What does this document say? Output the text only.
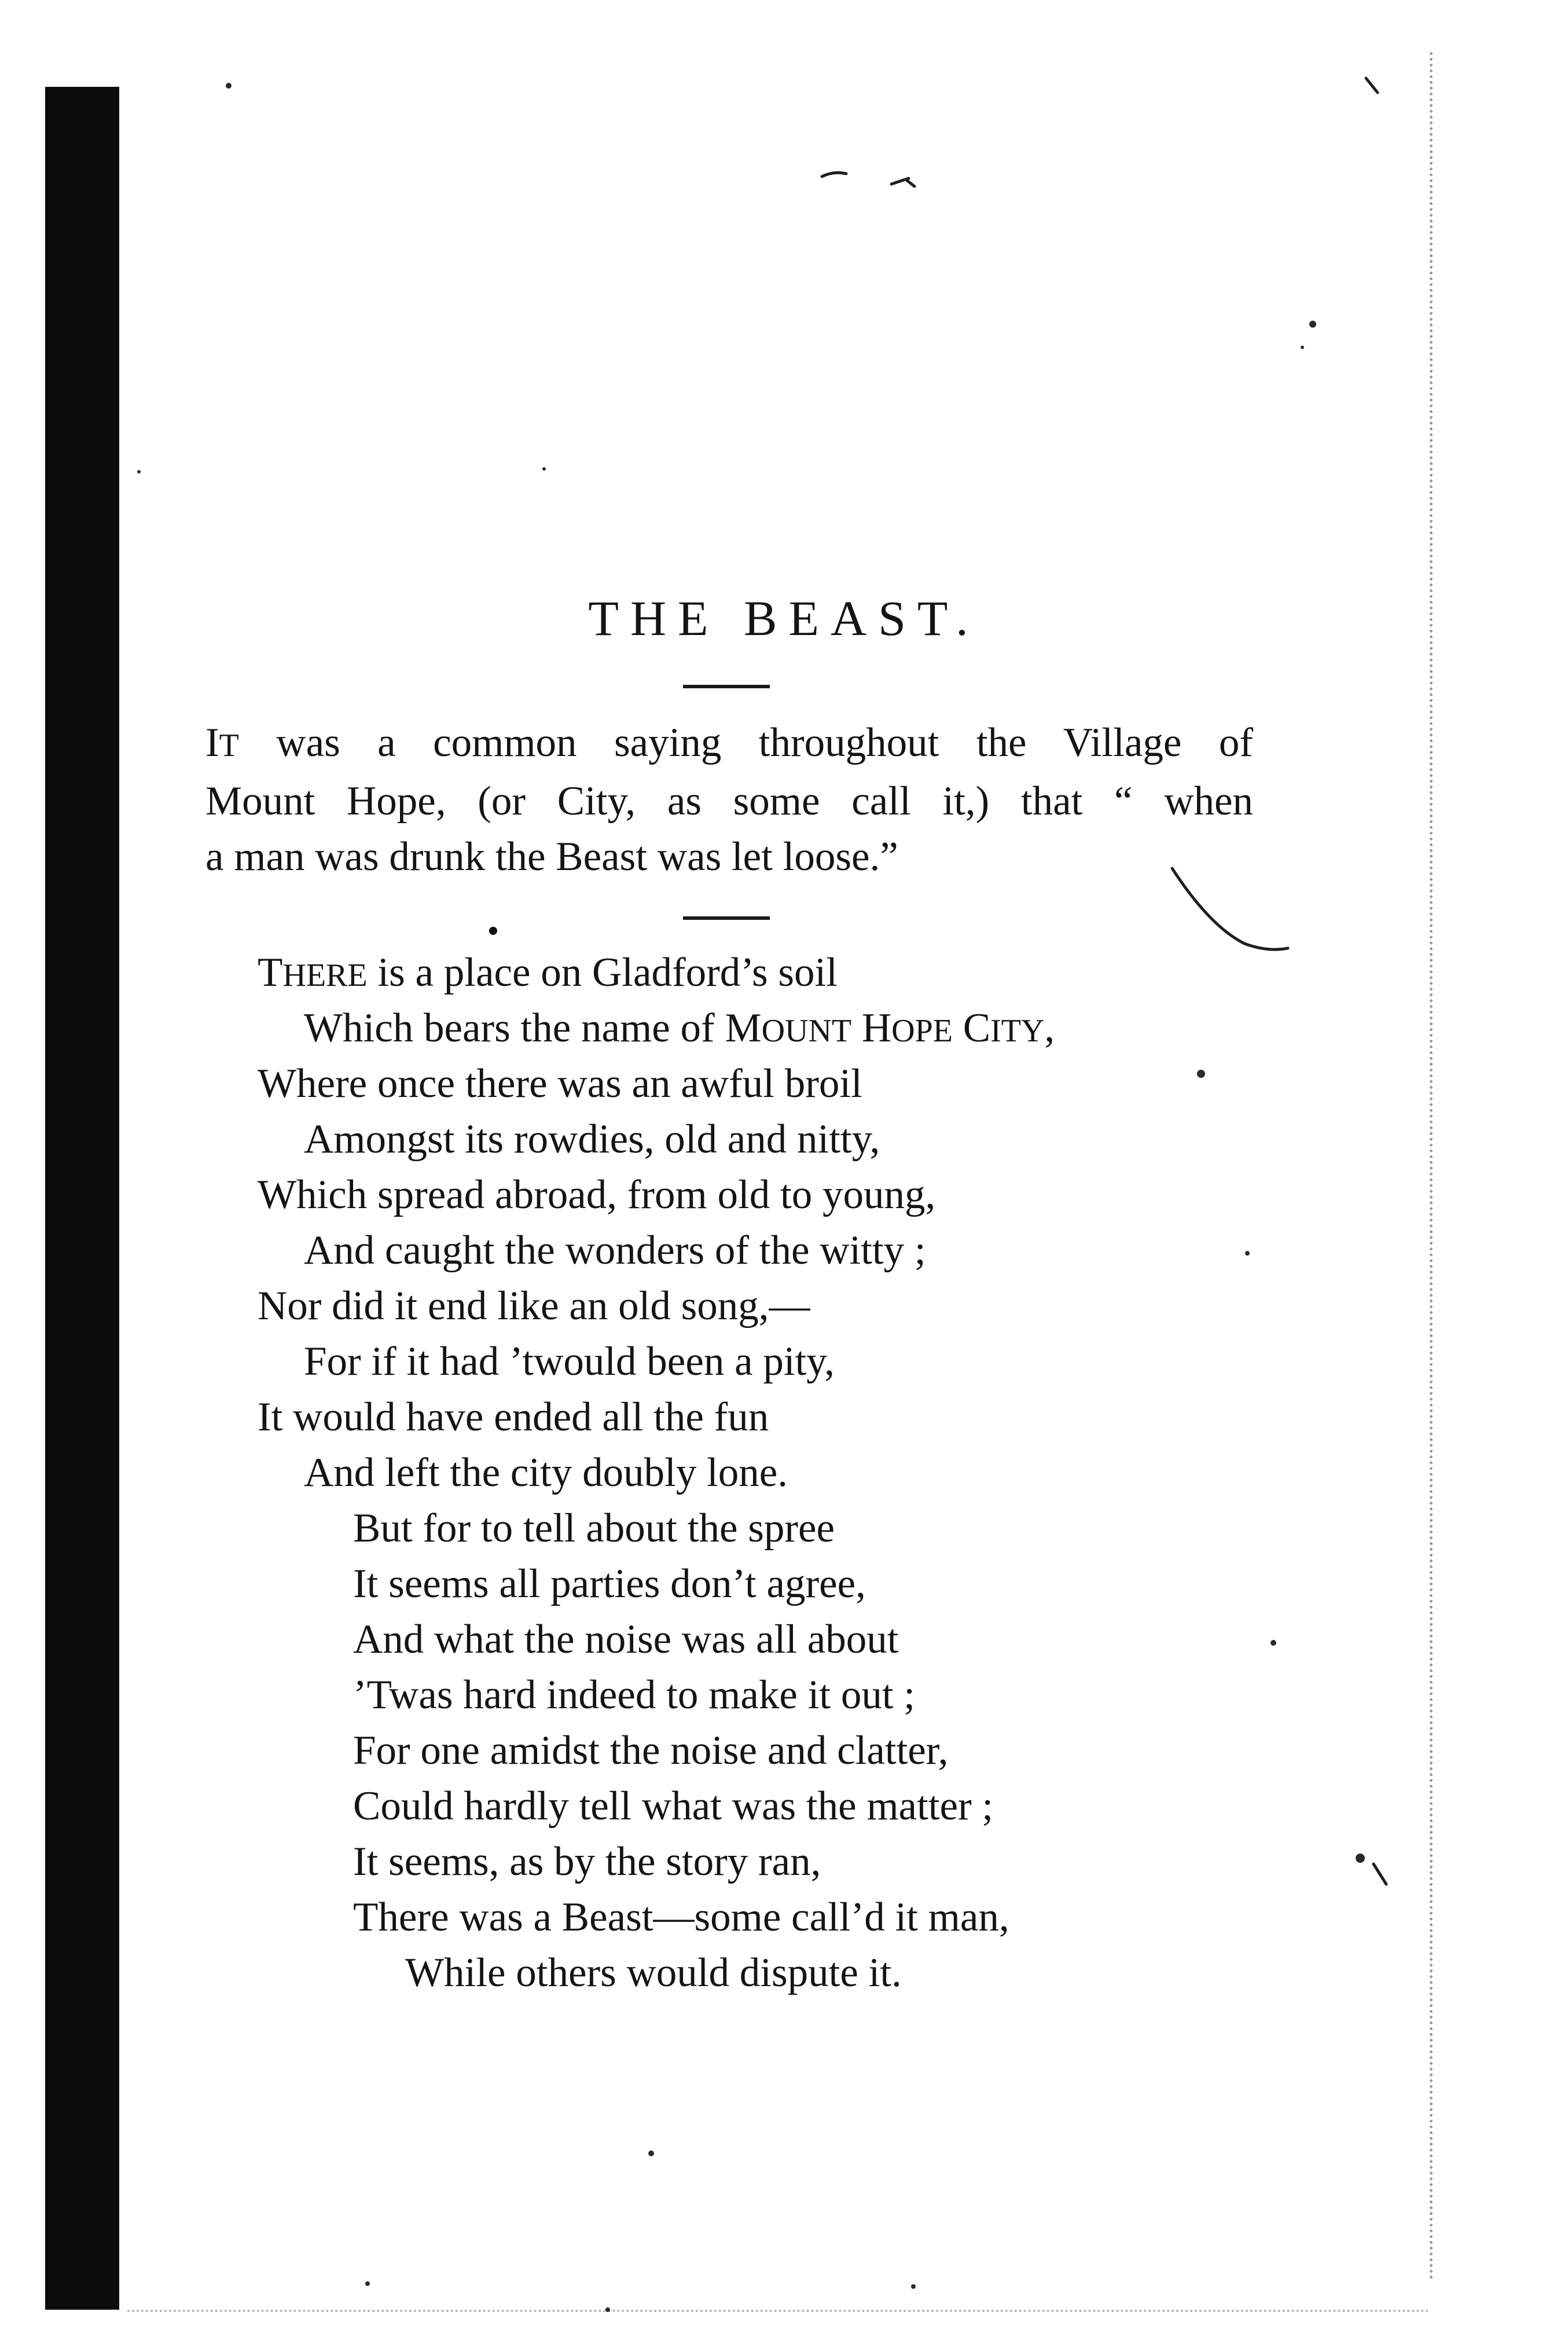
THE BEAST.
IT was a common saying throughout the Village of
Mount Hope, (or City, as some call it,) that “ when
a man was drunk the Beast was let loose.”
THERE is a place on Gladford’s soil
Which bears the name of MOUNT HOPE CITY,
Where once there was an awful broil
Amongst its rowdies, old and nitty,
Which spread abroad, from old to young,
And caught the wonders of the witty ;
Nor did it end like an old song,—
For if it had ’twould been a pity,
It would have ended all the fun
And left the city doubly lone.
But for to tell about the spree
It seems all parties don’t agree,
And what the noise was all about
’Twas hard indeed to make it out ;
For one amidst the noise and clatter,
Could hardly tell what was the matter ;
It seems, as by the story ran,
There was a Beast—some call’d it man,
While others would dispute it.
